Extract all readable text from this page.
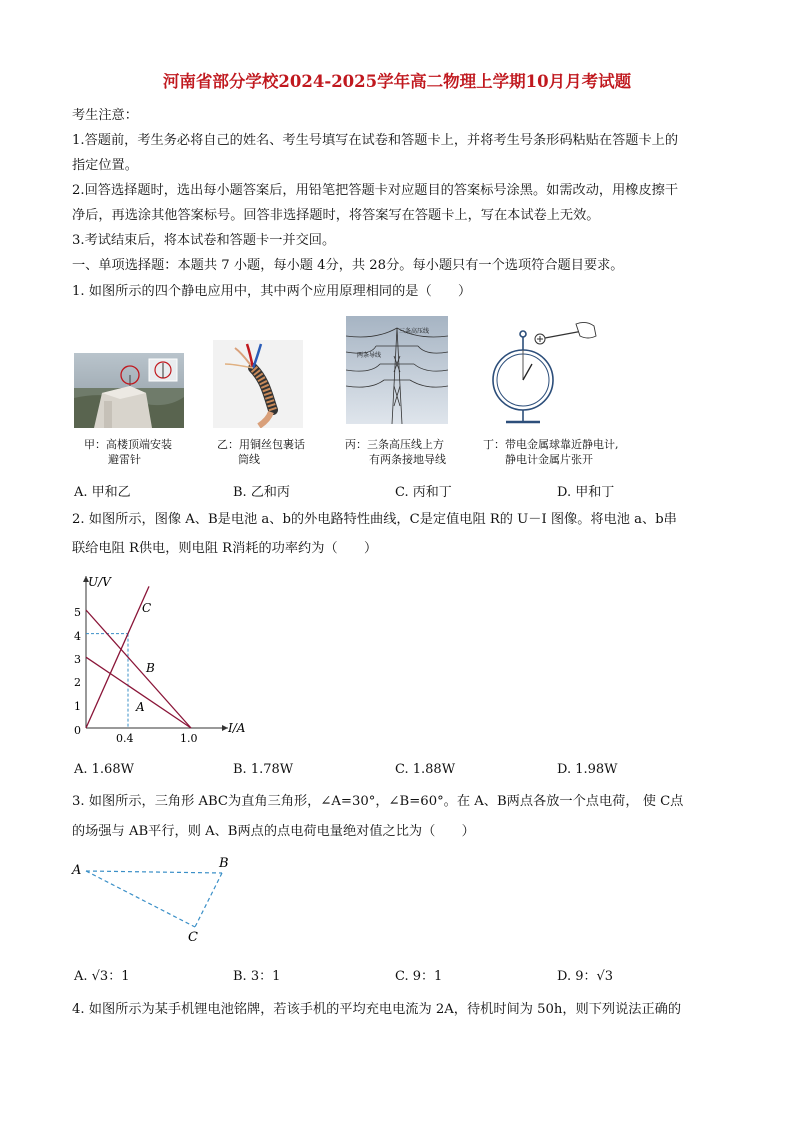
河南省部分学校2024-2025学年高二物理上学期10月月考试题
考生注意：
1.答题前，考生务必将自己的姓名、考生号填写在试卷和答题卡上，并将考生号条形码粘贴在答题卡上的
指定位置。
2.回答选择题时，选出每小题答案后，用铅笔把答题卡对应题目的答案标号涂黑。如需改动，用橡皮擦干
净后，再选涂其他答案标号。回答非选择题时，将答案写在答题卡上，写在本试卷上无效。
3.考试结束后，将本试卷和答题卡一并交回。
一、单项选择题：本题共 7 小题，每小题 4分，共 28分。每小题只有一个选项符合题目要求。
1. 如图所示的四个静电应用中，其中两个应用原理相同的是（　　）
甲：高楼顶端安装
避雷针
乙：用铜丝包裹话
筒线
三条高压线
两条导线
丙：三条高压线上方
有两条接地导线
丁：带电金属球靠近静电计,
静电计金属片张开
A. 甲和乙	B. 乙和丙	C. 丙和丁	D. 甲和丁
2. 如图所示，图像 A、B是电池 a、b的外电路特性曲线，C是定值电阻 R的 U－I 图像。将电池 a、b串
联给电阻 R供电，则电阻 R消耗的功率约为（　　）
U/V
I/A
0
5
4
3
2
1
0.4	1.0
C
B
A
A. 1.68W	B. 1.78W	C. 1.88W	D. 1.98W
3. 如图所示，三角形 ABC为直角三角形，∠A=30°，∠B=60°。在 A、B两点各放一个点电荷， 使 C点
的场强与 AB平行，则 A、B两点的点电荷电量绝对值之比为（　　）
A	B
C
A. √3：1	B. 3：1	C. 9：1	D. 9：√3
4. 如图所示为某手机锂电池铭牌，若该手机的平均充电电流为 2A，待机时间为 50h，则下列说法正确的
